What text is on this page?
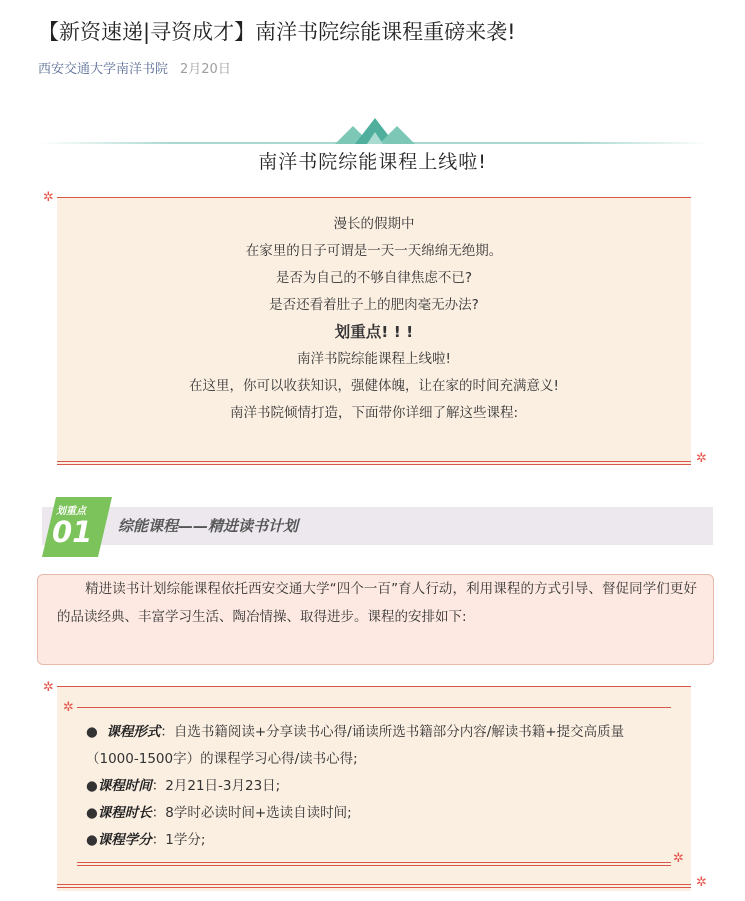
【新资速递|寻资成才】南洋书院综能课程重磅来袭!
西安交通大学南洋书院 2月20日
南洋书院综能课程上线啦!
✲
✲
漫长的假期中
在家里的日子可谓是一天一天绵绵无绝期。
是否为自己的不够自律焦虑不已?
是否还看着肚子上的肥肉毫无办法?
划重点! ! !
南洋书院综能课程上线啦!
在这里，你可以收获知识，强健体魄，让在家的时间充满意义!
南洋书院倾情打造，下面带你详细了解这些课程:
划重点
01 综能课程——精进读书计划
精进读书计划综能课程依托西安交通大学“四个一百”育人行动，利用课程的方式引导、督促同学们更好的品读经典、丰富学习生活、陶冶情操、取得进步。课程的安排如下:
✲
✲
✲
✲

●  课程形式：自选书籍阅读+分享读书心得/诵读所选书籍部分内容/解读书籍+提交高质量（1000-1500字）的课程学习心得/读书心得;

●课程时间：2月21日-3月23日;

●课程时长：8学时必读时间+选读自读时间;

●课程学分：1学分;
